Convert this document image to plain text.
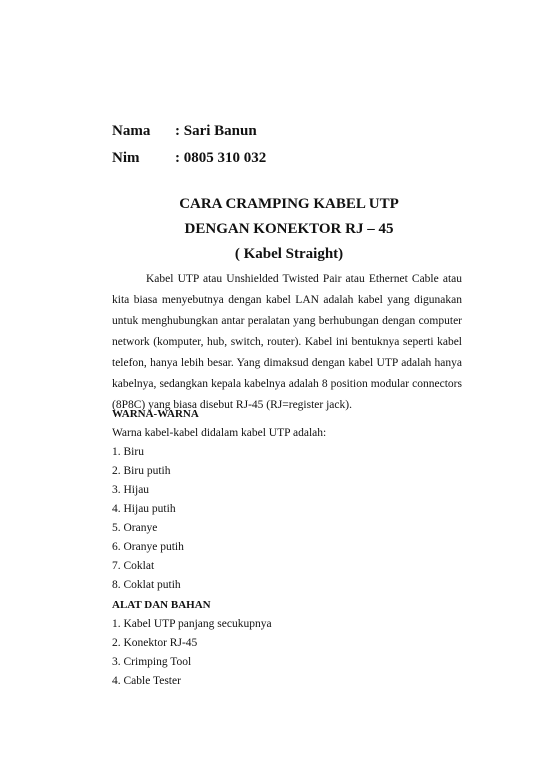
Nama : Sari Banun
Nim : 0805 310 032
CARA CRAMPING KABEL UTP
DENGAN KONEKTOR RJ – 45
( Kabel Straight)
Kabel UTP atau Unshielded Twisted Pair atau Ethernet Cable atau kita biasa menyebutnya dengan kabel LAN adalah kabel yang digunakan untuk menghubungkan antar peralatan yang berhubungan dengan computer network (komputer, hub, switch, router). Kabel ini bentuknya seperti kabel telefon, hanya lebih besar. Yang dimaksud dengan kabel UTP adalah hanya kabelnya, sedangkan kepala kabelnya adalah 8 position modular connectors (8P8C) yang biasa disebut RJ-45 (RJ=register jack).
WARNA-WARNA
Warna kabel-kabel didalam kabel UTP adalah:
1. Biru
2. Biru putih
3. Hijau
4. Hijau putih
5. Oranye
6. Oranye putih
7. Coklat
8. Coklat putih
ALAT DAN BAHAN
1. Kabel UTP panjang secukupnya
2. Konektor RJ-45
3. Crimping Tool
4. Cable Tester
